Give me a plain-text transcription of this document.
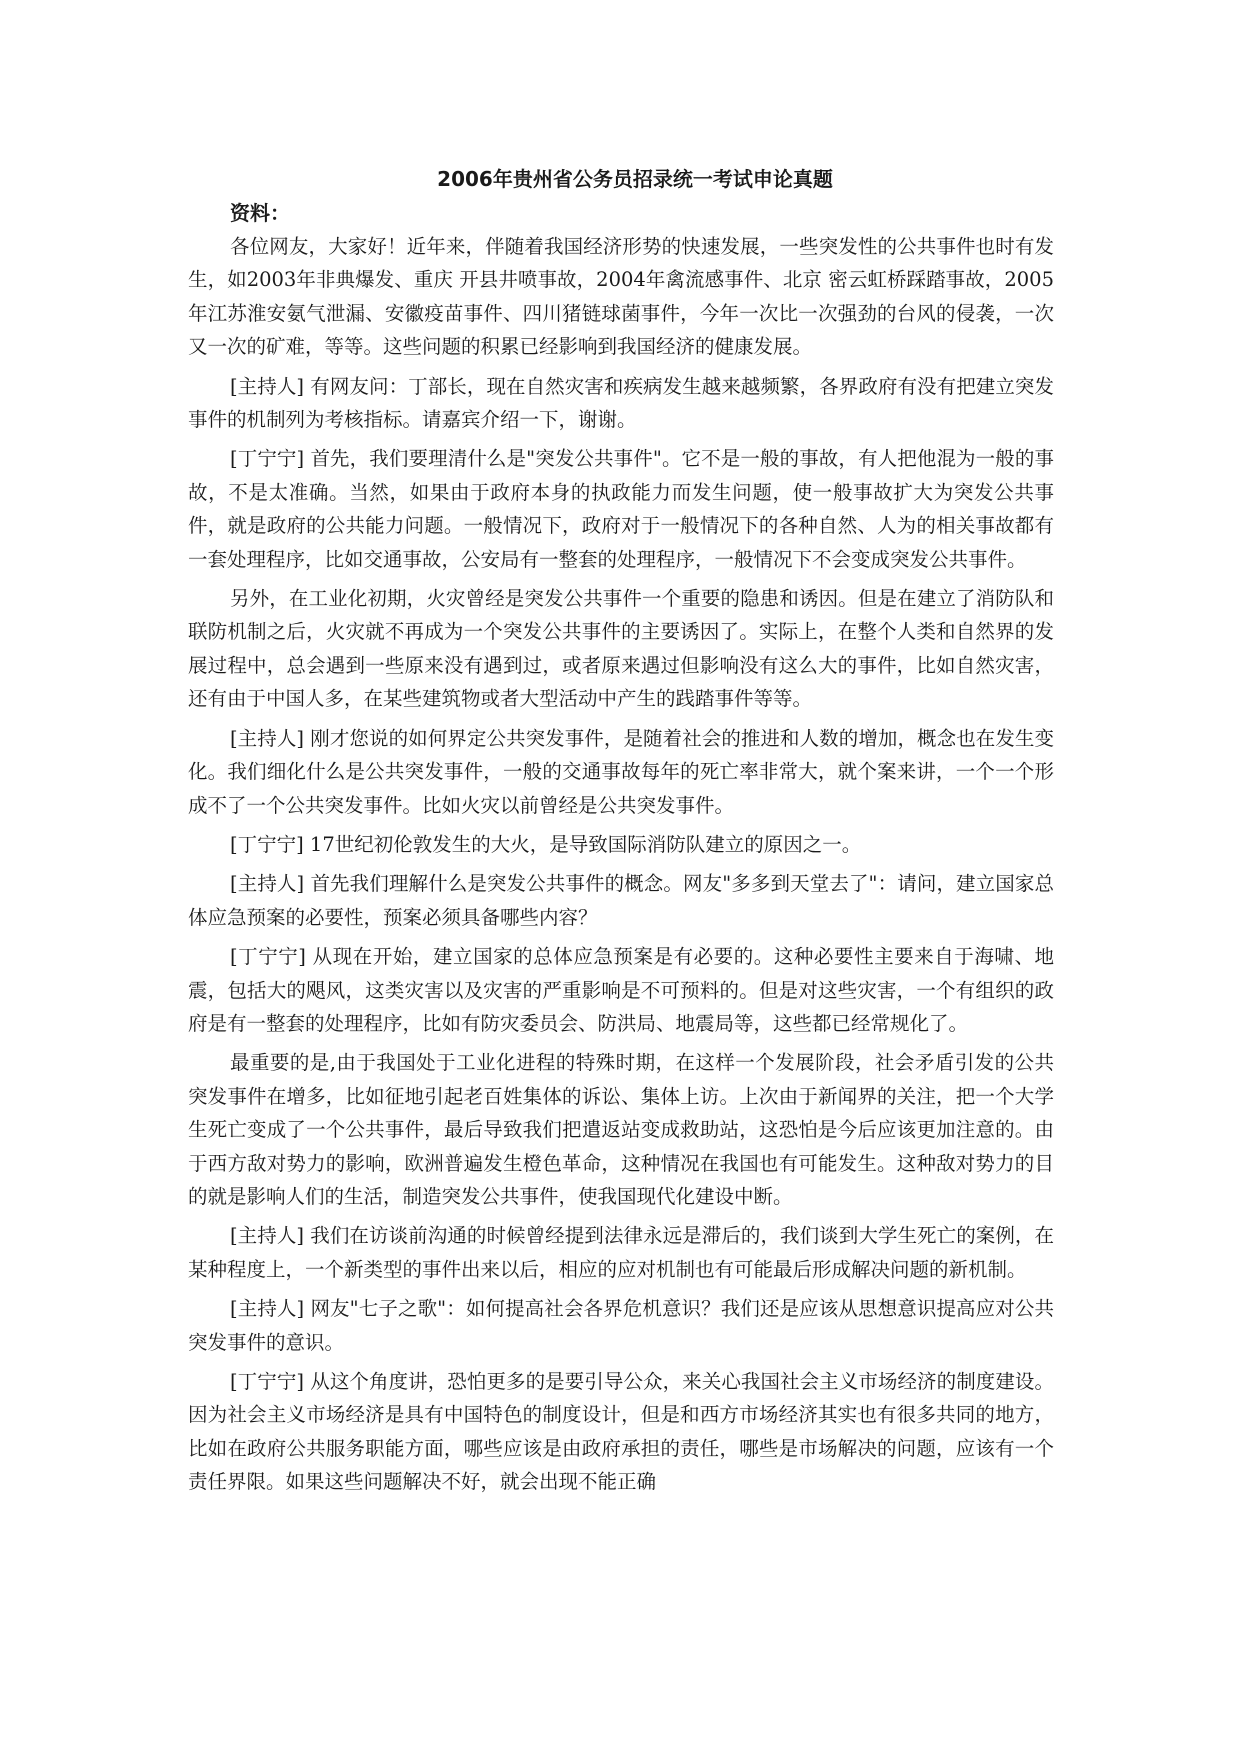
2006年贵州省公务员招录统一考试申论真题

资料：

各位网友，大家好！近年来，伴随着我国经济形势的快速发展，一些突发性的公共事件也时有发生，如2003年非典爆发、重庆 开县井喷事故，2004年禽流感事件、北京 密云虹桥踩踏事故，2005年江苏淮安氨气泄漏、安徽疫苗事件、四川猪链球菌事件，今年一次比一次强劲的台风的侵袭，一次又一次的矿难，等等。这些问题的积累已经影响到我国经济的健康发展。

[主持人] 有网友问：丁部长，现在自然灾害和疾病发生越来越频繁，各界政府有没有把建立突发事件的机制列为考核指标。请嘉宾介绍一下，谢谢。

[丁宁宁] 首先，我们要理清什么是"突发公共事件"。它不是一般的事故，有人把他混为一般的事故，不是太准确。当然，如果由于政府本身的执政能力而发生问题，使一般事故扩大为突发公共事件，就是政府的公共能力问题。一般情况下，政府对于一般情况下的各种自然、人为的相关事故都有一套处理程序，比如交通事故，公安局有一整套的处理程序，一般情况下不会变成突发公共事件。

另外，在工业化初期，火灾曾经是突发公共事件一个重要的隐患和诱因。但是在建立了消防队和联防机制之后，火灾就不再成为一个突发公共事件的主要诱因了。实际上，在整个人类和自然界的发展过程中，总会遇到一些原来没有遇到过，或者原来遇过但影响没有这么大的事件，比如自然灾害，还有由于中国人多，在某些建筑物或者大型活动中产生的践踏事件等等。

[主持人] 刚才您说的如何界定公共突发事件，是随着社会的推进和人数的增加，概念也在发生变化。我们细化什么是公共突发事件，一般的交通事故每年的死亡率非常大，就个案来讲，一个一个形成不了一个公共突发事件。比如火灾以前曾经是公共突发事件。

[丁宁宁] 17世纪初伦敦发生的大火，是导致国际消防队建立的原因之一。

[主持人] 首先我们理解什么是突发公共事件的概念。网友"多多到天堂去了"：请问，建立国家总体应急预案的必要性，预案必须具备哪些内容？

[丁宁宁] 从现在开始，建立国家的总体应急预案是有必要的。这种必要性主要来自于海啸、地震，包括大的飓风，这类灾害以及灾害的严重影响是不可预料的。但是对这些灾害，一个有组织的政府是有一整套的处理程序，比如有防灾委员会、防洪局、地震局等，这些都已经常规化了。

最重要的是,由于我国处于工业化进程的特殊时期，在这样一个发展阶段，社会矛盾引发的公共突发事件在增多，比如征地引起老百姓集体的诉讼、集体上访。上次由于新闻界的关注，把一个大学生死亡变成了一个公共事件，最后导致我们把遣返站变成救助站，这恐怕是今后应该更加注意的。由于西方敌对势力的影响，欧洲普遍发生橙色革命，这种情况在我国也有可能发生。这种敌对势力的目的就是影响人们的生活，制造突发公共事件，使我国现代化建设中断。

[主持人] 我们在访谈前沟通的时候曾经提到法律永远是滞后的，我们谈到大学生死亡的案例，在某种程度上，一个新类型的事件出来以后，相应的应对机制也有可能最后形成解决问题的新机制。

[主持人] 网友"七子之歌"：如何提高社会各界危机意识？我们还是应该从思想意识提高应对公共突发事件的意识。

[丁宁宁] 从这个角度讲，恐怕更多的是要引导公众，来关心我国社会主义市场经济的制度建设。因为社会主义市场经济是具有中国特色的制度设计，但是和西方市场经济其实也有很多共同的地方，比如在政府公共服务职能方面，哪些应该是由政府承担的责任，哪些是市场解决的问题，应该有一个责任界限。如果这些问题解决不好，就会出现不能正确
